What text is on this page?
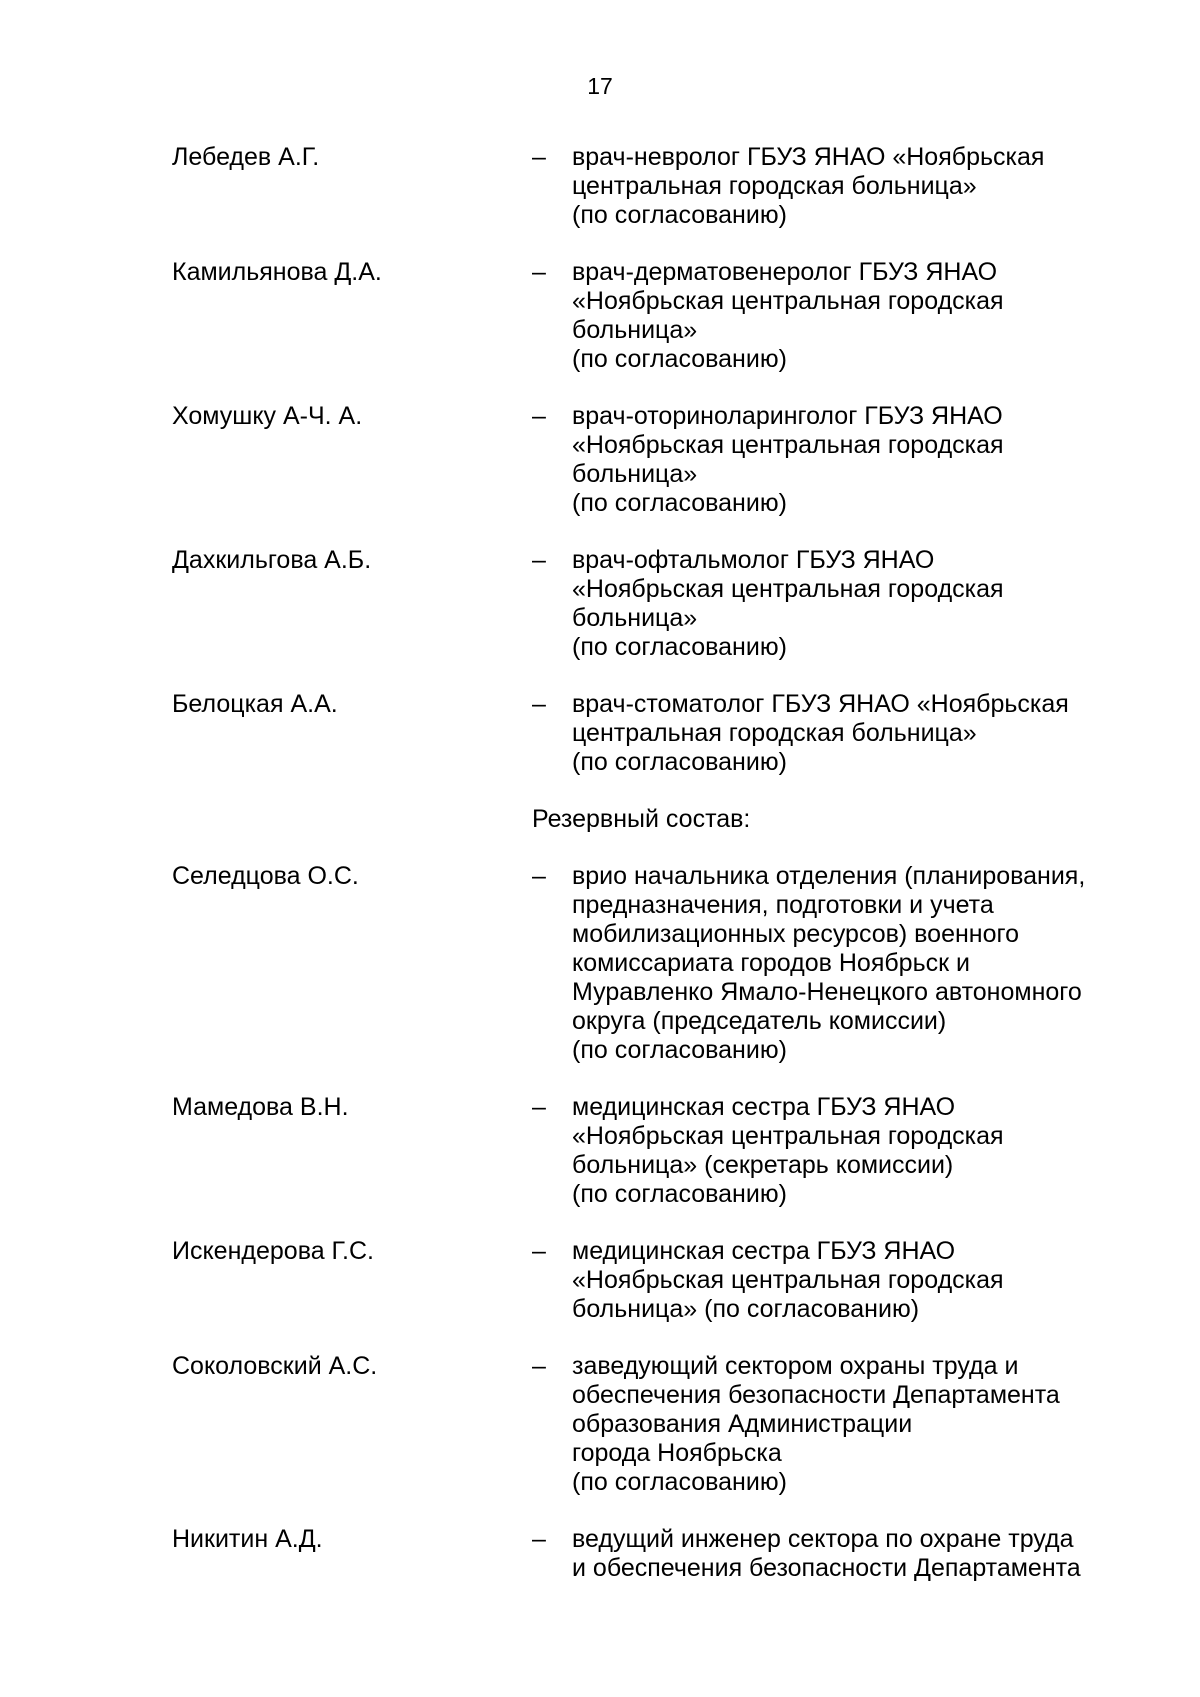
17
Лебедев А.Г.	–	врач-невролог ГБУЗ ЯНАО «Ноябрьская
центральная городская больница»
(по согласованию)
Камильянова Д.А.	–	врач-дерматовенеролог ГБУЗ ЯНАО
«Ноябрьская центральная городская
больница»
(по согласованию)
Хомушку А-Ч. А.	–	врач-оториноларинголог ГБУЗ ЯНАО
«Ноябрьская центральная городская
больница»
(по согласованию)
Дахкильгова А.Б.	–	врач-офтальмолог ГБУЗ ЯНАО
«Ноябрьская центральная городская
больница»
(по согласованию)
Белоцкая А.А.	–	врач-стоматолог ГБУЗ ЯНАО «Ноябрьская
центральная городская больница»
(по согласованию)
Резервный состав:
Селедцова О.С.	–	врио начальника отделения (планирования,
предназначения, подготовки и учета
мобилизационных ресурсов) военного
комиссариата городов Ноябрьск и
Муравленко Ямало-Ненецкого автономного
округа (председатель комиссии)
(по согласованию)
Мамедова В.Н.	–	медицинская сестра ГБУЗ ЯНАО
«Ноябрьская центральная городская
больница» (секретарь комиссии)
(по согласованию)
Искендерова Г.С.	–	медицинская сестра ГБУЗ ЯНАО
«Ноябрьская центральная городская
больница» (по согласованию)
Соколовский А.С.	–	заведующий сектором охраны труда и
обеспечения безопасности Департамента
образования Администрации
города Ноябрьска
(по согласованию)
Никитин А.Д.	–	ведущий инженер сектора по охране труда
и обеспечения безопасности Департамента
